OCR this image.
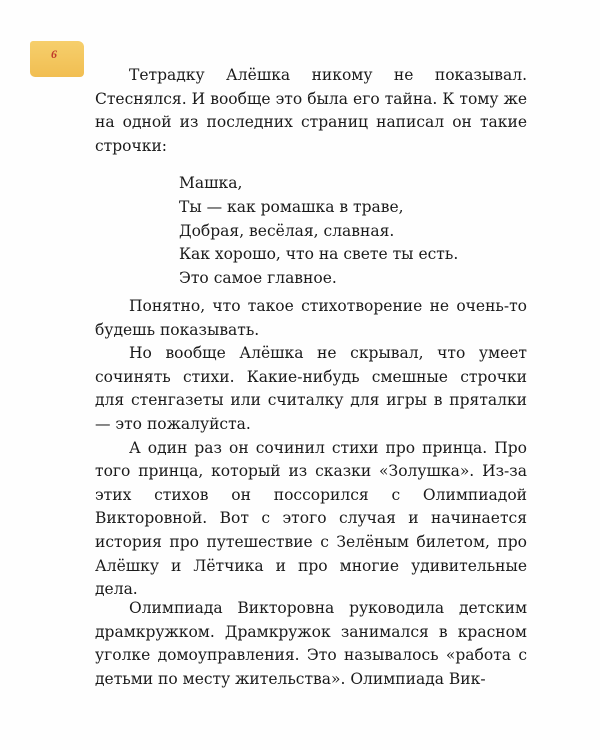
6

Тетрадку Алёшка никому не показывал. Стеснялся. И вообще это была его тайна. К тому же на одной из последних страниц написал он такие строчки:

Машка,
Ты — как ромашка в траве,
Добрая, весёлая, славная.
Как хорошо, что на свете ты есть.
Это самое главное.

Понятно, что такое стихотворение не очень-то будешь показывать.

Но вообще Алёшка не скрывал, что умеет сочинять стихи. Какие-нибудь смешные строчки для стенгазеты или считалку для игры в пряталки — это пожалуйста.

А один раз он сочинил стихи про принца. Про того принца, который из сказки «Золушка». Из-за этих стихов он поссорился с Олимпиадой Викторовной. Вот с этого случая и начинается история про путешествие с Зелёным билетом, про Алёшку и Лётчика и про многие удивительные дела.

Олимпиада Викторовна руководила детским драмкружком. Драмкружок занимался в красном уголке домоуправления. Это называлось «работа с детьми по месту жительства». Олимпиада Вик-
